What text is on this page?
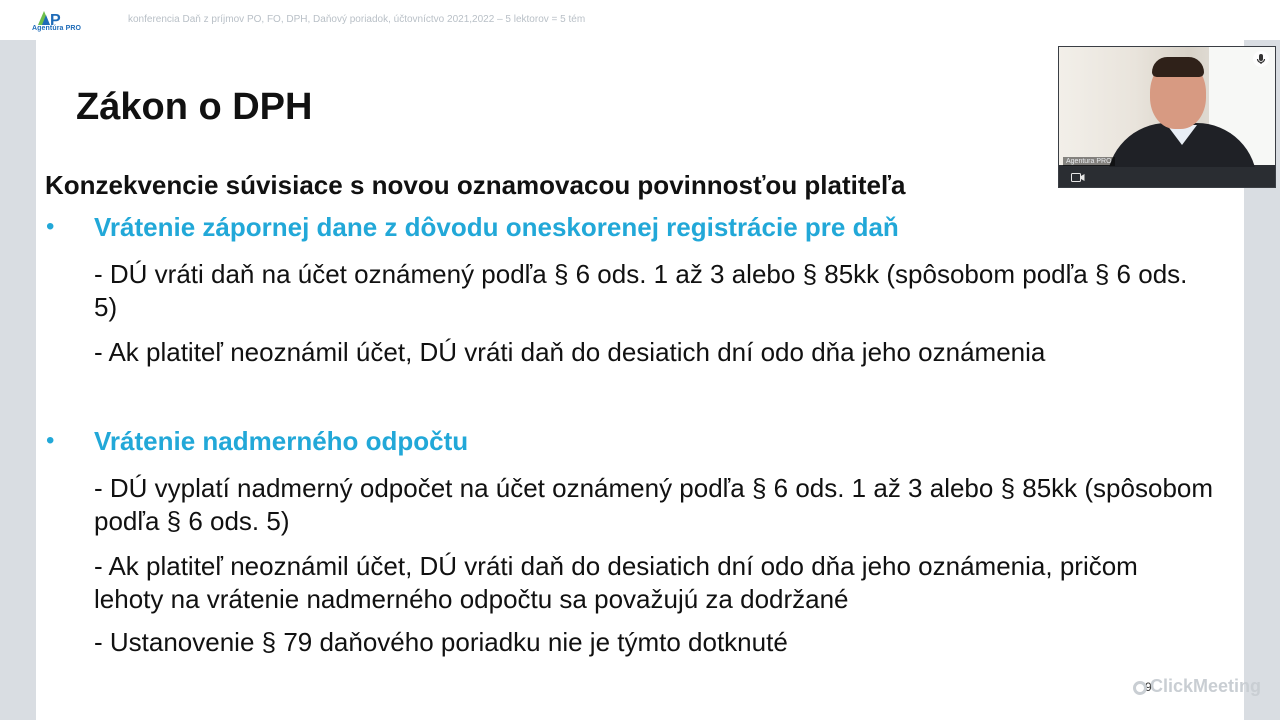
P
Agentúra PRO
konferencia Daň z príjmov PO, FO, DPH, Daňový poriadok, účtovníctvo 2021,2022 – 5 lektorov = 5 tém
Zákon o DPH
Konzekvencie súvisiace s novou oznamovacou povinnosťou platiteľa
• Vrátenie zápornej dane z dôvodu oneskorenej registrácie pre daň
- DÚ vráti daň na účet oznámený podľa § 6 ods. 1 až 3 alebo § 85kk (spôsobom podľa § 6 ods. 5)
- Ak platiteľ neoznámil účet, DÚ vráti daň do desiatich dní odo dňa jeho oznámenia
• Vrátenie nadmerného odpočtu
- DÚ vyplatí nadmerný odpočet na účet oznámený podľa § 6 ods. 1 až 3 alebo § 85kk (spôsobom podľa § 6 ods. 5)
- Ak platiteľ neoznámil účet, DÚ vráti daň do desiatich dní odo dňa jeho oznámenia, pričom lehoty na vrátenie nadmerného odpočtu sa považujú za dodržané
- Ustanovenie § 79 daňového poriadku nie je týmto dotknuté
9
ClickMeeting
Agentura PRO
